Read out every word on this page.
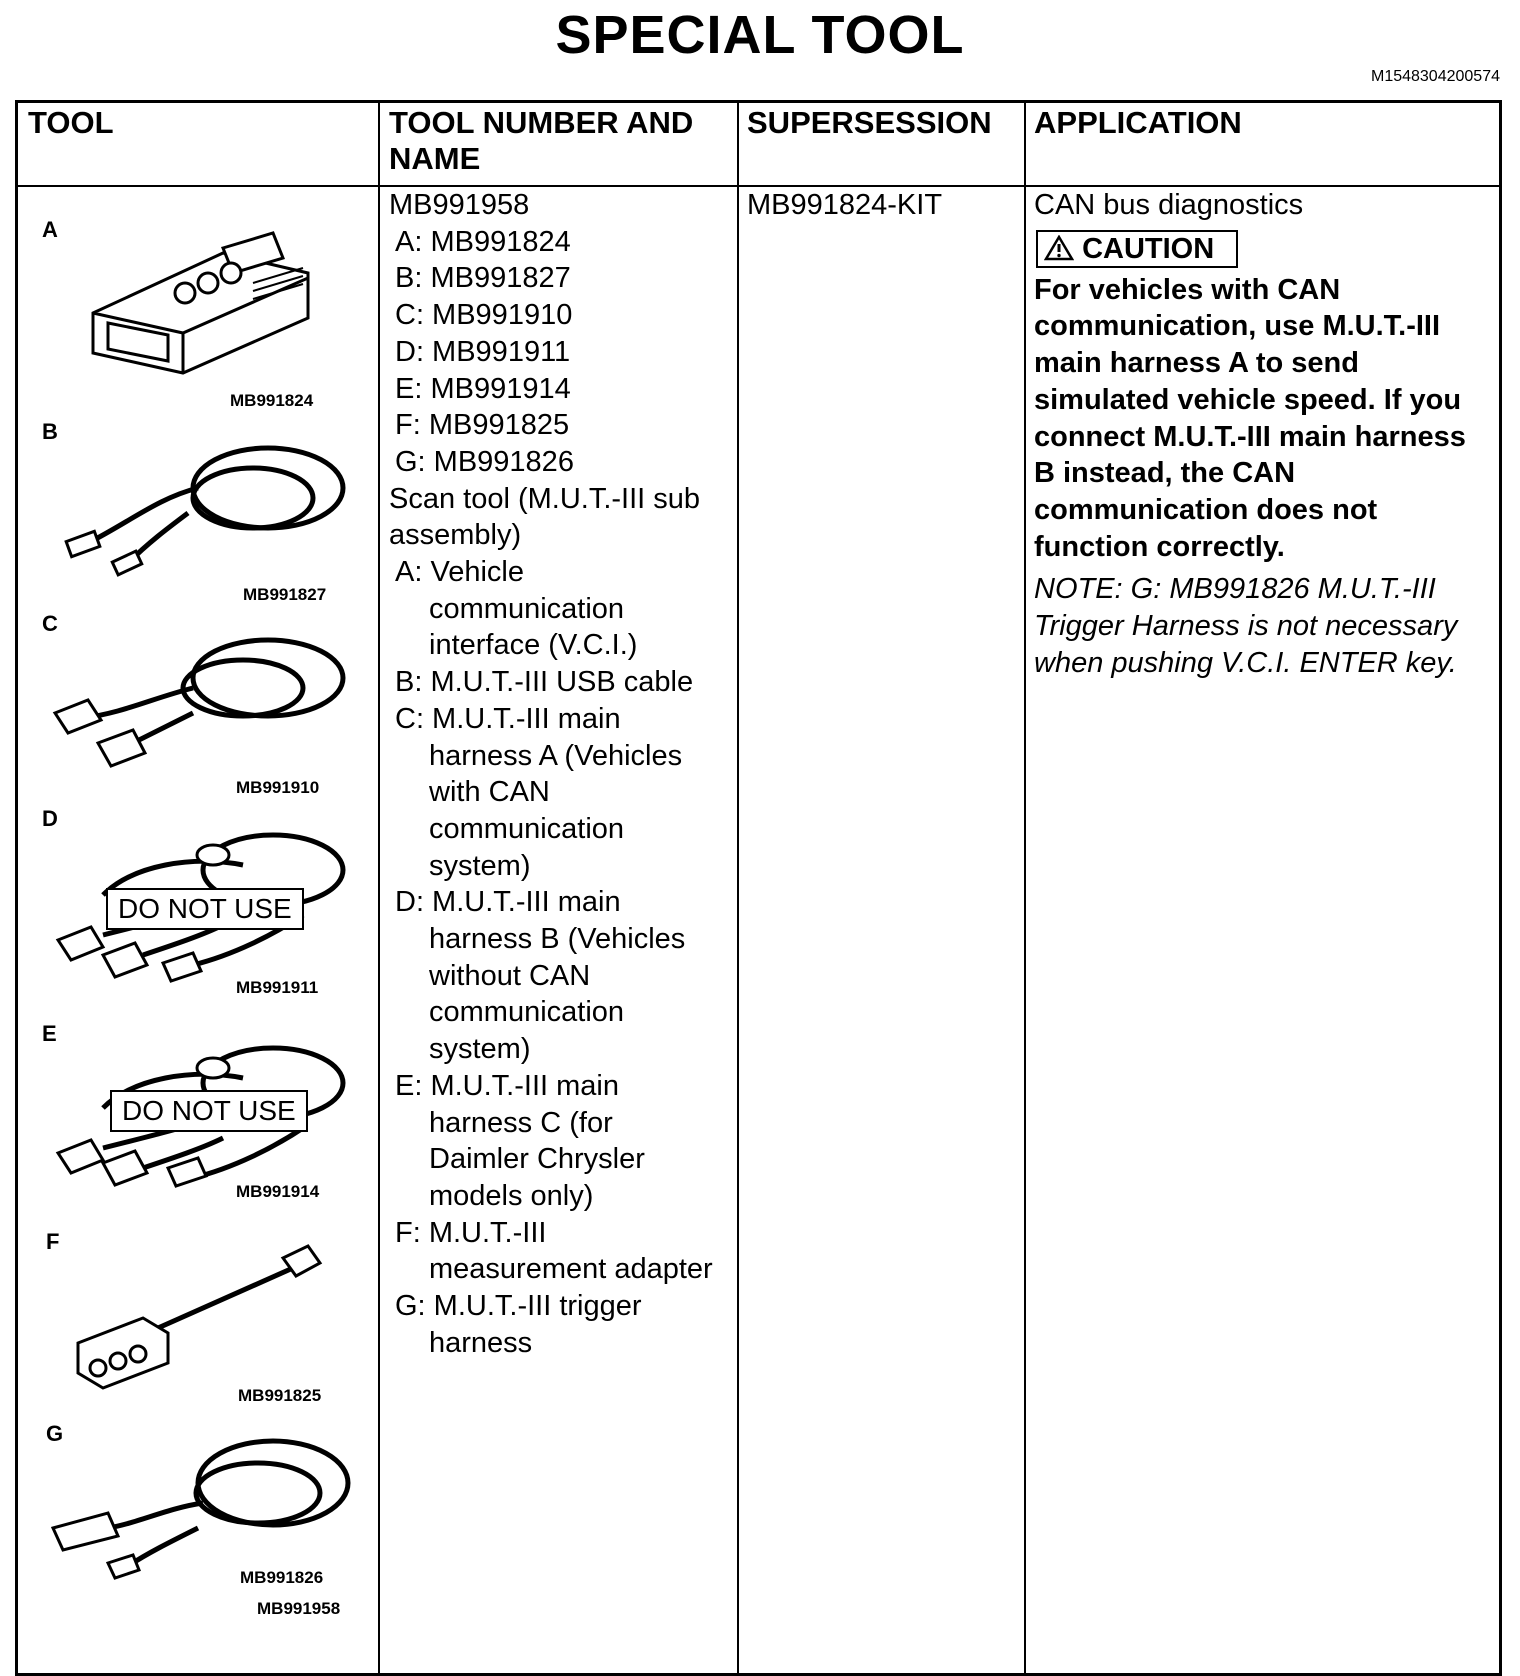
SPECIAL TOOL
M1548304200574
TOOL	TOOL NUMBER AND
NAME
SUPERSESSION APPLICATION
A
MB991824
B
MB991827
C
MB991910
D
DO NOT USE
MB991911
E
DO NOT USE
MB991914
F
MB991825
G
MB991826
MB991958
MB991958
A: MB991824
B: MB991827
C: MB991910
D: MB991911
E: MB991914
F: MB991825
G: MB991826
Scan tool (M.U.T.-III sub
assembly)
A: Vehicle
communication
interface (V.C.I.)
B: M.U.T.-III USB cable
C: M.U.T.-III main
harness A (Vehicles
with CAN
communication
system)
D: M.U.T.-III main
harness B (Vehicles
without CAN
communication
system)
E: M.U.T.-III main
harness C (for
Daimler Chrysler
models only)
F: M.U.T.-III
measurement adapter
G: M.U.T.-III trigger
harness
MB991824-KIT	CAN bus diagnostics
CAUTION
For vehicles with CAN
communication, use M.U.T.-III
main harness A to send
simulated vehicle speed. If you
connect M.U.T.-III main harness
B instead, the CAN
communication does not
function correctly.
NOTE: G: MB991826 M.U.T.-III
Trigger Harness is not necessary
when pushing V.C.I. ENTER key.
